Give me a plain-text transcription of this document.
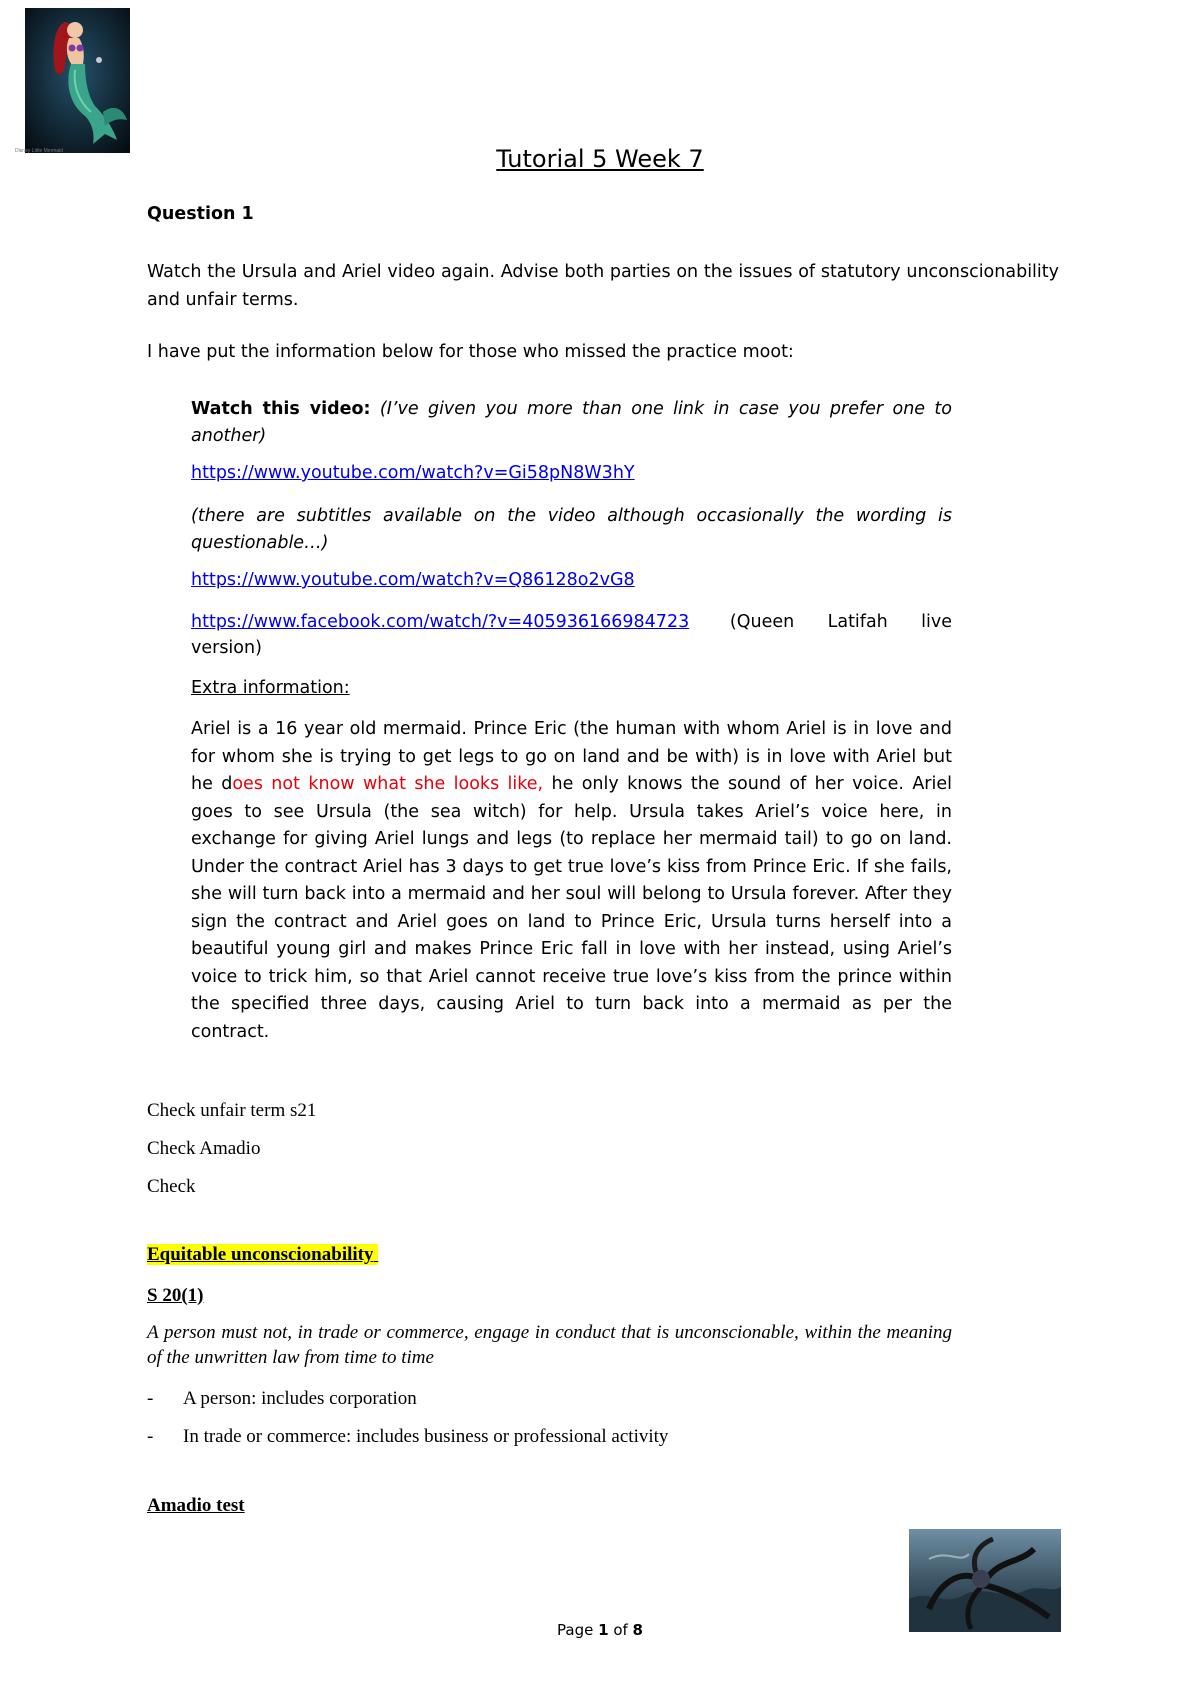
Disney Little Mermaid	Tutorial 5 Week 7
Question 1
Watch the Ursula and Ariel video again. Advise both parties on the issues of statutory unconscionability and unfair terms.
I have put the information below for those who missed the practice moot:
Watch this video: (I’ve given you more than one link in case you prefer one to another)
https://www.youtube.com/watch?v=Gi58pN8W3hY
(there are subtitles available on the video although occasionally the wording is questionable…)
https://www.youtube.com/watch?v=Q86128o2vG8
https://www.facebook.com/watch/?v=405936166984723 (Queen      Latifah      live
version)
Extra information:
Ariel is a 16 year old mermaid. Prince Eric (the human with whom Ariel is in love and for whom she is trying to get legs to go on land and be with) is in love with Ariel but he does not know what she looks like, he only knows the sound of her voice. Ariel goes to see Ursula (the sea witch) for help. Ursula takes Ariel’s voice here, in exchange for giving Ariel lungs and legs (to replace her mermaid tail) to go on land. Under the contract Ariel has 3 days to get true love’s kiss from Prince Eric. If she fails, she will turn back into a mermaid and her soul will belong to Ursula forever. After they sign the contract and Ariel goes on land to Prince Eric, Ursula turns herself into a beautiful young girl and makes Prince Eric fall in love with her instead, using Ariel’s voice to trick him, so that Ariel cannot receive true love’s kiss from the prince within the specified three days, causing Ariel to turn back into a mermaid as per the contract.
Check unfair term s21
Check Amadio
Check
Equitable unconscionability
S 20(1)
A person must not, in trade or commerce, engage in conduct that is unconscionable, within the meaning of the unwritten law from time to time
-	A person: includes corporation
-	In trade or commerce: includes business or professional activity
Amadio test
Page 1 of 8
